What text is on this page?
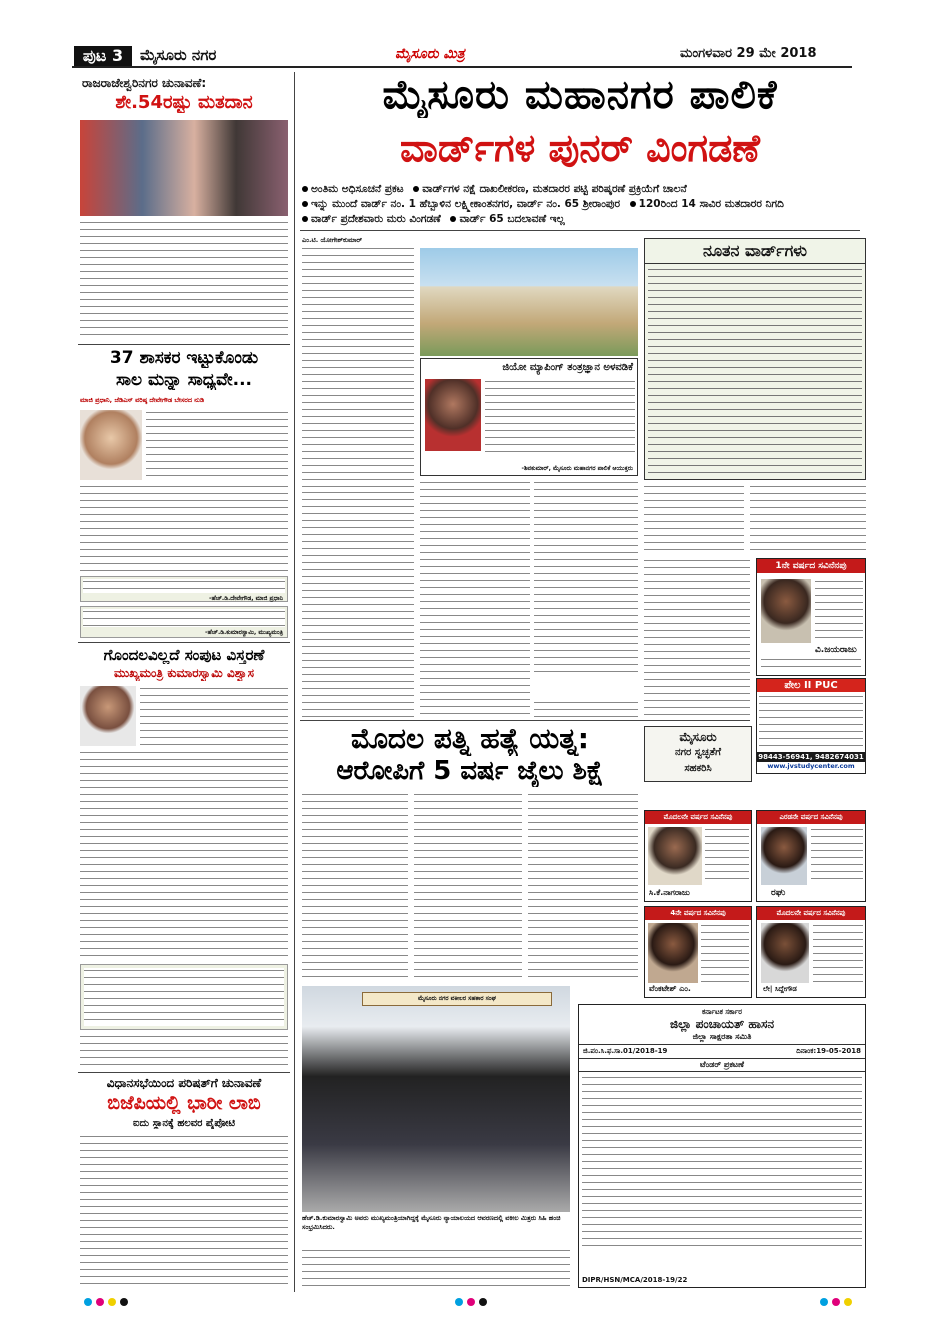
ಪುಟ 3	ಮೈಸೂರು ನಗರ	ಮೈಸೂರು ಮಿತ್ರ	ಮಂಗಳವಾರ 29 ಮೇ 2018
ರಾಜರಾಜೇಶ್ವರಿನಗರ ಚುನಾವಣೆ:
ಶೇ.54ರಷ್ಟು ಮತದಾನ
37 ಶಾಸಕರ ಇಟ್ಟುಕೊಂಡು
ಸಾಲ ಮನ್ನಾ ಸಾಧ್ಯವೇ...
ಮಾಜಿ ಪ್ರಧಾನಿ, ಜೆಡಿಎಸ್ ವರಿಷ್ಠ ದೇವೇಗೌಡ ಬೇಸರದ ನುಡಿ
-ಹೆಚ್.ಡಿ.ದೇವೇಗೌಡ, ಮಾಜಿ ಪ್ರಧಾನಿ
-ಹೆಚ್.ಡಿ.ಕುಮಾರಸ್ವಾಮಿ, ಮುಖ್ಯಮಂತ್ರಿ
ಗೊಂದಲವಿಲ್ಲದೆ ಸಂಪುಟ ವಿಸ್ತರಣೆ
ಮುಖ್ಯಮಂತ್ರಿ ಕುಮಾರಸ್ವಾಮಿ ವಿಶ್ವಾಸ
ವಿಧಾನಸಭೆಯಿಂದ ಪರಿಷತ್‌ಗೆ ಚುನಾವಣೆ
ಬಿಜೆಪಿಯಲ್ಲಿ ಭಾರೀ ಲಾಬಿ
ಐದು ಸ್ಥಾನಕ್ಕೆ ಹಲವರ ಪೈಪೋಟಿ
ಮೈಸೂರು ಮಹಾನಗರ ಪಾಲಿಕೆ
ವಾರ್ಡ್‌ಗಳ ಪುನರ್ ವಿಂಗಡಣೆ
ಅಂತಿಮ ಅಧಿಸೂಚನೆ ಪ್ರಕಟ ವಾರ್ಡ್‌ಗಳ ನಕ್ಷೆ ದಾಖಲೀಕರಣ, ಮತದಾರರ ಪಟ್ಟಿ ಪರಿಷ್ಕರಣೆ ಪ್ರಕ್ರಿಯೆಗೆ ಚಾಲನೆ
ಇನ್ನು ಮುಂದೆ ವಾರ್ಡ್ ನಂ. 1 ಹೆಬ್ಬಾಳಿನ ಲಕ್ಷ್ಮೀಕಾಂತನಗರ, ವಾರ್ಡ್ ನಂ. 65 ಶ್ರೀರಾಂಪುರ 120ರಿಂದ 14 ಸಾವಿರ ಮತದಾರರ ನಿಗದಿ
ವಾರ್ಡ್ ಪ್ರದೇಶವಾರು ಮರು ವಿಂಗಡಣೆ ವಾರ್ಡ್ 65 ಬದಲಾವಣೆ ಇಲ್ಲ
ಎಂ.ಟಿ. ಯೋಗೇಶ್‌ಕುಮಾರ್
ಜಿಯೋ ಮ್ಯಾಪಿಂಗ್ ತಂತ್ರಜ್ಞಾನ ಅಳವಡಿಕೆ
-ಶಿವಕುಮಾರ್, ಮೈಸೂರು ಮಹಾನಗರ ಪಾಲಿಕೆ ಆಯುಕ್ತರು
ನೂತನ ವಾರ್ಡ್‌ಗಳು
1ನೇ ವರ್ಷದ ಸವಿನೆನಪು
ವಿ.ಜಯರಾಜು
ಪೇಲ II PUC
98443-56941, 9482674031
www.jvstudycenter.com
ಮೊದಲ ಪತ್ನಿ ಹತ್ಯೆ ಯತ್ನ:
ಆರೋಪಿಗೆ 5 ವರ್ಷ ಜೈಲು ಶಿಕ್ಷೆ
ಮೈಸೂರು
ನಗರ ಸ್ವಚ್ಛತೆಗೆ
ಸಹಕರಿಸಿ
ಮೈಸೂರು ನಗರ ವಕೀಲರ ಸಹಕಾರ ಸಂಘ
ಹೆಚ್.ಡಿ.ಕುಮಾರಸ್ವಾಮಿ ಅವರು ಮುಖ್ಯಮಂತ್ರಿಯಾಗಿದ್ದಕ್ಕೆ ಮೈಸೂರು ನ್ಯಾಯಾಲಯದ ಆವರಣದಲ್ಲಿ ವಕೀಲ ಮಿತ್ರರು ಸಿಹಿ ಹಂಚಿ ಸಂಭ್ರಮಿಸಿದರು.
ಮೊದಲನೇ ವರ್ಷದ ಸವಿನೆನಪು
ಸಿ.ಕೆ.ನಾಗರಾಜು
ಎರಡನೇ ವರ್ಷದ ಸವಿನೆನಪು
ರಘು
4ನೇ ವರ್ಷದ ಸವಿನೆನಪು
ವೆಂಕಟೇಶ್ ಎಂ.
ಮೊದಲನೇ ವರ್ಷದ ಸವಿನೆನಪು
ಲೇ| ಸಿದ್ದೇಗೌಡ
ಕರ್ನಾಟಕ ಸರ್ಕಾರ
ಜಿಲ್ಲಾ ಪಂಚಾಯತ್ ಹಾಸನ
ಜಿಲ್ಲಾ ಸಾಕ್ಷರತಾ ಸಮಿತಿ
ಜಿ.ಪಂ.ಸಿ.ಫ.ಸಾ.01/2018-19	ದಿನಾಂಕ:19-05-2018
ಟೆಂಡರ್ ಪ್ರಕಟಣೆ
DIPR/HSN/MCA/2018-19/22
